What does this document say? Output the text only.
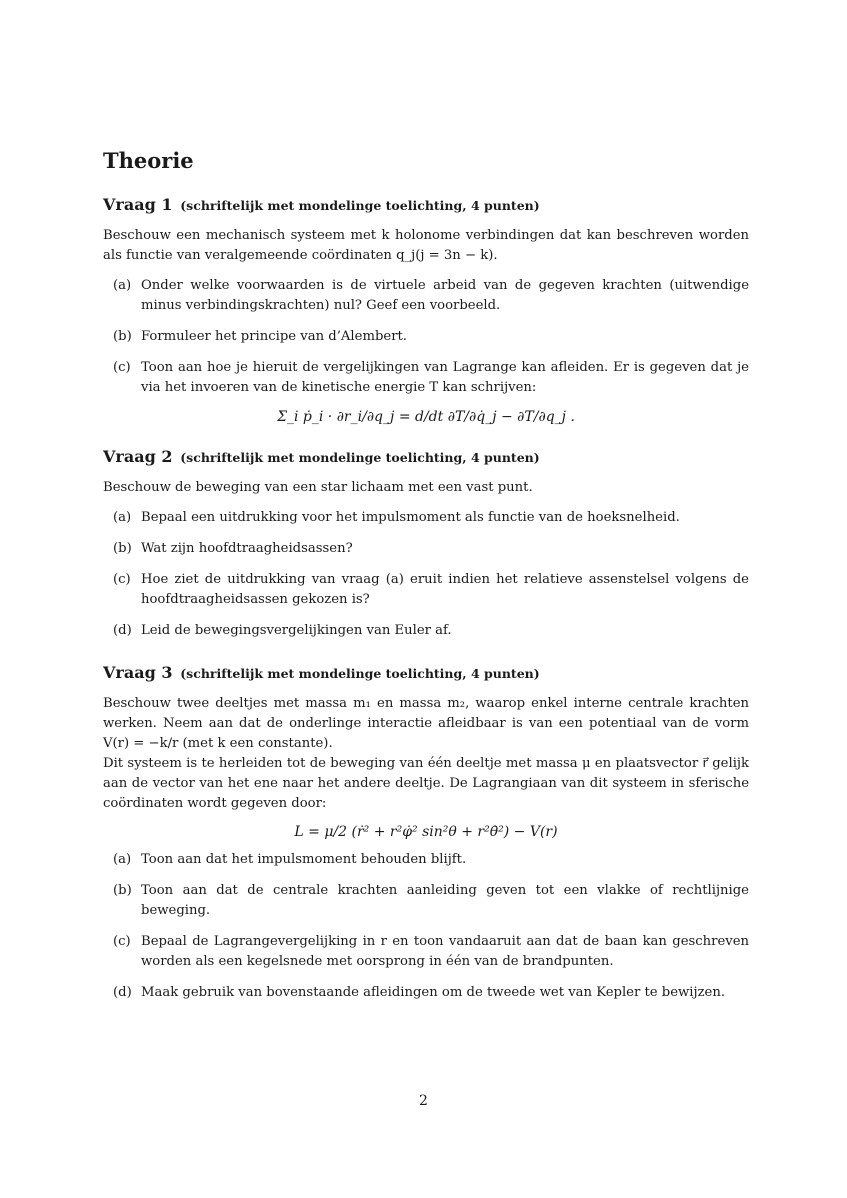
Theorie
Vraag 1 (schriftelijk met mondelinge toelichting, 4 punten)

Beschouw een mechanisch systeem met k holonome verbindingen dat kan beschreven worden als functie van veralgemeende coördinaten q_j(j = 3n − k).

(a) Onder welke voorwaarden is de virtuele arbeid van de gegeven krachten (uitwendige minus verbindingskrachten) nul? Geef een voorbeeld.
(b) Formuleer het principe van d’Alembert.
(c) Toon aan hoe je hieruit de vergelijkingen van Lagrange kan afleiden. Er is gegeven dat je via het invoeren van de kinetische energie T kan schrijven:
Σ_i ṗ_i · ∂r_i/∂q_j = d/dt ∂T/∂q̇_j − ∂T/∂q_j .
Vraag 2 (schriftelijk met mondelinge toelichting, 4 punten)

Beschouw de beweging van een star lichaam met een vast punt.

(a) Bepaal een uitdrukking voor het impulsmoment als functie van de hoeksnelheid.
(b) Wat zijn hoofdtraagheidsassen?
(c) Hoe ziet de uitdrukking van vraag (a) eruit indien het relatieve assenstelsel volgens de hoofdtraagheidsassen gekozen is?
(d) Leid de bewegingsvergelijkingen van Euler af.
Vraag 3 (schriftelijk met mondelinge toelichting, 4 punten)

Beschouw twee deeltjes met massa m₁ en massa m₂, waarop enkel interne centrale krachten werken. Neem aan dat de onderlinge interactie afleidbaar is van een potentiaal van de vorm V(r) = −k/r (met k een constante).

Dit systeem is te herleiden tot de beweging van één deeltje met massa μ en plaatsvector r⃗ gelijk aan de vector van het ene naar het andere deeltje. De Lagrangiaan van dit systeem in sferische coördinaten wordt gegeven door:

L = μ/2 (ṙ² + r²φ̇² sin²θ + r²θ̇²) − V(r)
(a) Toon aan dat het impulsmoment behouden blijft.
(b) Toon aan dat de centrale krachten aanleiding geven tot een vlakke of rechtlijnige beweging.
(c) Bepaal de Lagrangevergelijking in r en toon vandaaruit aan dat de baan kan geschreven worden als een kegelsnede met oorsprong in één van de brandpunten.
(d) Maak gebruik van bovenstaande afleidingen om de tweede wet van Kepler te bewijzen.
2
